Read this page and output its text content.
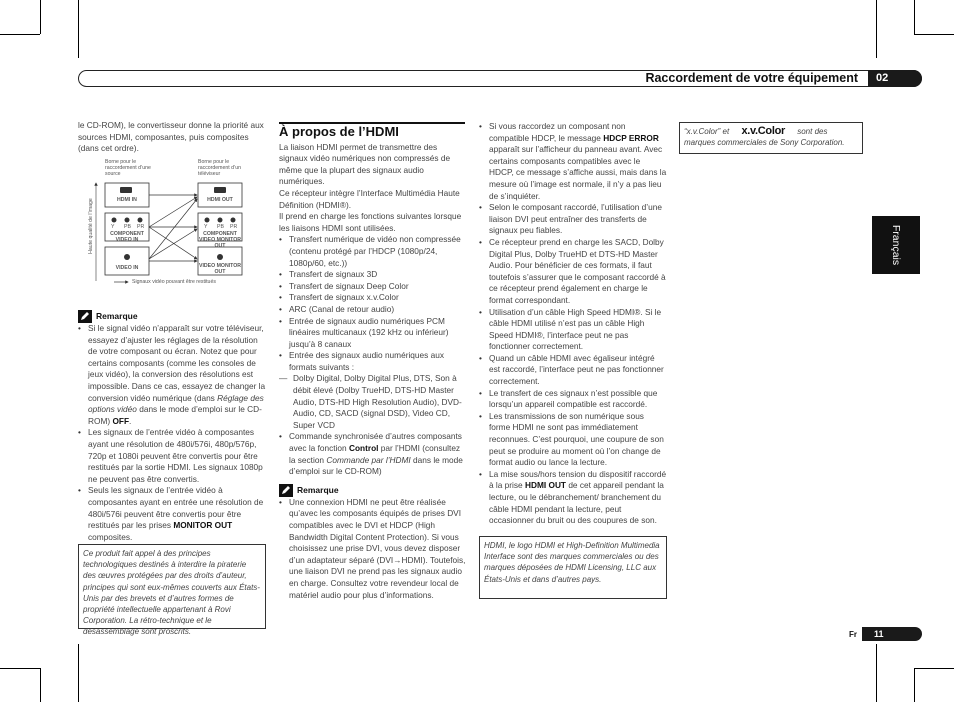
Raccordement de votre équipement	02
Français

le CD-ROM), le convertisseur donne la priorité aux sources HDMI, composantes, puis composites (dans cet ordre).

Borne pour le raccordement d’une source
Borne pour le raccordement d’un téléviseur
Haute qualité de l’image	HDMI IN	HDMI OUT
Y PB PR	Y PB PR
COMPONENT VIDEO IN
COMPONENT VIDEO MONITOR OUT
VIDEO IN	VIDEO MONITOR OUT
Signaux vidéo pouvant être restitués
Remarque
• Si le signal vidéo n’apparaît sur votre téléviseur, essayez d’ajuster les réglages de la résolution de votre composant ou écran. Notez que pour certains composants (comme les consoles de jeux vidéo), la conversion des résolutions est impossible. Dans ce cas, essayez de changer la conversion vidéo numérique (dans Réglage des options vidéo dans le mode d’emploi sur le CD-ROM) OFF.
• Les signaux de l’entrée vidéo à composantes ayant une résolution de 480i/576i, 480p/576p, 720p et 1080i peuvent être convertis pour être restitués par la sortie HDMI. Les signaux 1080p ne peuvent pas être convertis.
• Seuls les signaux de l’entrée vidéo à composantes ayant en entrée une résolution de 480i/576i peuvent être convertis pour être restitués par les prises MONITOR OUT composites.
Ce produit fait appel à des principes technologiques destinés à interdire la piraterie des œuvres protégées par des droits d’auteur, principes qui sont eux-mêmes couverts aux États-Unis par des brevets et d’autres formes de propriété intellectuelle appartenant à Rovi Corporation. La rétro-technique et le désassemblage sont proscrits.

À propos de l’HDMI

La liaison HDMI permet de transmettre des signaux vidéo numériques non compressés de même que la plupart des signaux audio numériques.

Ce récepteur intègre l’Interface Multimédia Haute Définition (HDMI®).

Il prend en charge les fonctions suivantes lorsque les liaisons HDMI sont utilisées.

• Transfert numérique de vidéo non compressée (contenu protégé par l’HDCP (1080p/24, 1080p/60, etc.))
• Transfert de signaux 3D
• Transfert de signaux Deep Color
• Transfert de signaux x.v.Color
• ARC (Canal de retour audio)
• Entrée de signaux audio numériques PCM linéaires multicanaux (192 kHz ou inférieur) jusqu’à 8 canaux
• Entrée des signaux audio numériques aux formats suivants :
— Dolby Digital, Dolby Digital Plus, DTS, Son à débit élevé (Dolby TrueHD, DTS-HD Master Audio, DTS-HD High Resolution Audio), DVD-Audio, CD, SACD (signal DSD), Video CD, Super VCD
• Commande synchronisée d’autres composants avec la fonction Control par l’HDMI (consultez la section Commande par l’HDMI dans le mode d’emploi sur le CD-ROM)
Remarque
• Une connexion HDMI ne peut être réalisée qu’avec les composants équipés de prises DVI compatibles avec le DVI et HDCP (High Bandwidth Digital Content Protection). Si vous choisissez une prise DVI, vous devez disposer d’un adaptateur séparé (DVI→HDMI). Toutefois, une liaison DVI ne prend pas les signaux audio en charge. Consultez votre revendeur local de matériel audio pour plus d’informations.
• Si vous raccordez un composant non compatible HDCP, le message HDCP ERROR apparaît sur l’afficheur du panneau avant. Avec certains composants compatibles avec le HDCP, ce message s’affiche aussi, mais dans la mesure où l’image est normale, il n’y a pas lieu de s’inquiéter.
• Selon le composant raccordé, l’utilisation d’une liaison DVI peut entraîner des transferts de signaux peu fiables.
• Ce récepteur prend en charge les SACD, Dolby Digital Plus, Dolby TrueHD et DTS-HD Master Audio. Pour bénéficier de ces formats, il faut toutefois s’assurer que le composant raccordé à ce récepteur prend également en charge le format correspondant.
• Utilisation d’un câble High Speed HDMI®. Si le câble HDMI utilisé n’est pas un câble High Speed HDMI®, l’interface peut ne pas fonctionner correctement.
• Quand un câble HDMI avec égaliseur intégré est raccordé, l’interface peut ne pas fonctionner correctement.
• Le transfert de ces signaux n’est possible que lorsqu’un appareil compatible est raccordé.
• Les transmissions de son numérique sous forme HDMI ne sont pas immédiatement reconnues. C’est pourquoi, une coupure de son peut se produire au moment où l’on change de format audio ou lance la lecture.
• La mise sous/hors tension du dispositif raccordé à la prise HDMI OUT de cet appareil pendant la lecture, ou le débranchement/ branchement du câble HDMI pendant la lecture, peut occasionner du bruit ou des coupures de son.
HDMI, le logo HDMI et High-Definition Multimedia Interface sont des marques commerciales ou des marques déposées de HDMI Licensing, LLC aux États-Unis et dans d’autres pays.
“x.v.Color” et x.v.Color sont des marques commerciales de Sony Corporation.
Fr	11
